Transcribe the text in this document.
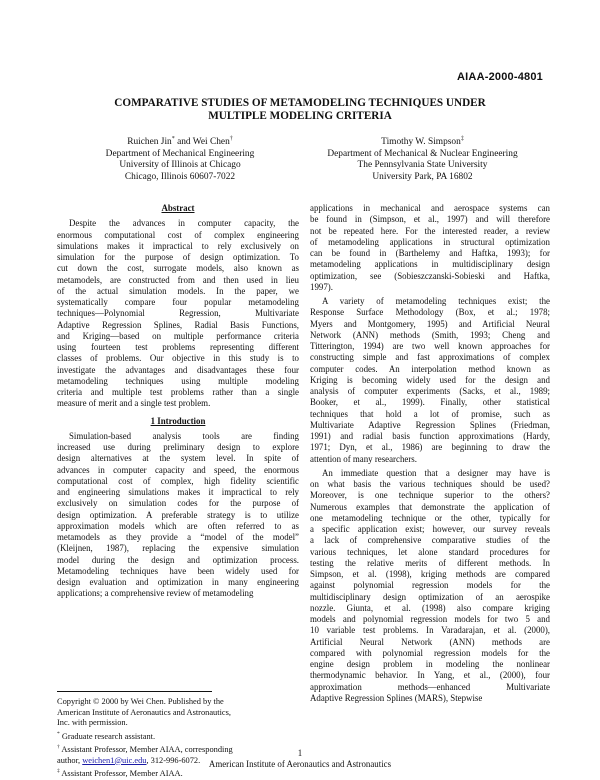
AIAA-2000-4801
COMPARATIVE STUDIES OF METAMODELING TECHNIQUES UNDER
MULTIPLE MODELING CRITERIA
Ruichen Jin* and Wei Chen†
Department of Mechanical Engineering
University of Illinois at Chicago
Chicago, Illinois 60607-7022
Timothy W. Simpson‡
Department of Mechanical & Nuclear Engineering
The Pennsylvania State University
University Park, PA 16802
Abstract
Despite the advances in computer capacity, the
enormous computational cost of complex engineering
simulations makes it impractical to rely exclusively on
simulation for the purpose of design optimization. To
cut down the cost, surrogate models, also known as
metamodels, are constructed from and then used in lieu
of the actual simulation models. In the paper, we
systematically compare four popular metamodeling
techniques—Polynomial Regression, Multivariate
Adaptive Regression Splines, Radial Basis Functions,
and Kriging—based on multiple performance criteria
using fourteen test problems representing different
classes of problems. Our objective in this study is to
investigate the advantages and disadvantages these four
metamodeling techniques using multiple modeling
criteria and multiple test problems rather than a single
measure of merit and a single test problem.
1 Introduction
Simulation-based analysis tools are finding
increased use during preliminary design to explore
design alternatives at the system level. In spite of
advances in computer capacity and speed, the enormous
computational cost of complex, high fidelity scientific
and engineering simulations makes it impractical to rely
exclusively on simulation codes for the purpose of
design optimization. A preferable strategy is to utilize
approximation models which are often referred to as
metamodels as they provide a “model of the model”
(Kleijnen, 1987), replacing the expensive simulation
model during the design and optimization process.
Metamodeling techniques have been widely used for
design evaluation and optimization in many engineering
applications; a comprehensive review of metamodeling
Copyright © 2000 by Wei Chen. Published by the
American Institute of Aeronautics and Astronautics,
Inc. with permission.
* Graduate research assistant.
† Assistant Professor, Member AIAA, corresponding
author, weichen1@uic.edu, 312-996-6072.
‡ Assistant Professor, Member AIAA.
applications in mechanical and aerospace systems can
be found in (Simpson, et al., 1997) and will therefore
not be repeated here. For the interested reader, a review
of metamodeling applications in structural optimization
can be found in (Barthelemy and Haftka, 1993); for
metamodeling applications in multidisciplinary design
optimization, see (Sobieszczanski-Sobieski and Haftka,
1997).
A variety of metamodeling techniques exist; the
Response Surface Methodology (Box, et al.; 1978;
Myers and Montgomery, 1995) and Artificial Neural
Network (ANN) methods (Smith, 1993; Cheng and
Titterington, 1994) are two well known approaches for
constructing simple and fast approximations of complex
computer codes. An interpolation method known as
Kriging is becoming widely used for the design and
analysis of computer experiments (Sacks, et al., 1989;
Booker, et al., 1999). Finally, other statistical
techniques that hold a lot of promise, such as
Multivariate Adaptive Regression Splines (Friedman,
1991) and radial basis function approximations (Hardy,
1971; Dyn, et al., 1986) are beginning to draw the
attention of many researchers.
An immediate question that a designer may have is
on what basis the various techniques should be used?
Moreover, is one technique superior to the others?
Numerous examples that demonstrate the application of
one metamodeling technique or the other, typically for
a specific application exist; however, our survey reveals
a lack of comprehensive comparative studies of the
various techniques, let alone standard procedures for
testing the relative merits of different methods. In
Simpson, et al. (1998), kriging methods are compared
against polynomial regression models for the
multidisciplinary design optimization of an aerospike
nozzle. Giunta, et al. (1998) also compare kriging
models and polynomial regression models for two 5 and
10 variable test problems. In Varadarajan, et al. (2000),
Artificial Neural Network (ANN) methods are
compared with polynomial regression models for the
engine design problem in modeling the nonlinear
thermodynamic behavior. In Yang, et al., (2000), four
approximation methods—enhanced Multivariate
Adaptive Regression Splines (MARS), Stepwise
1
American Institute of Aeronautics and Astronautics
